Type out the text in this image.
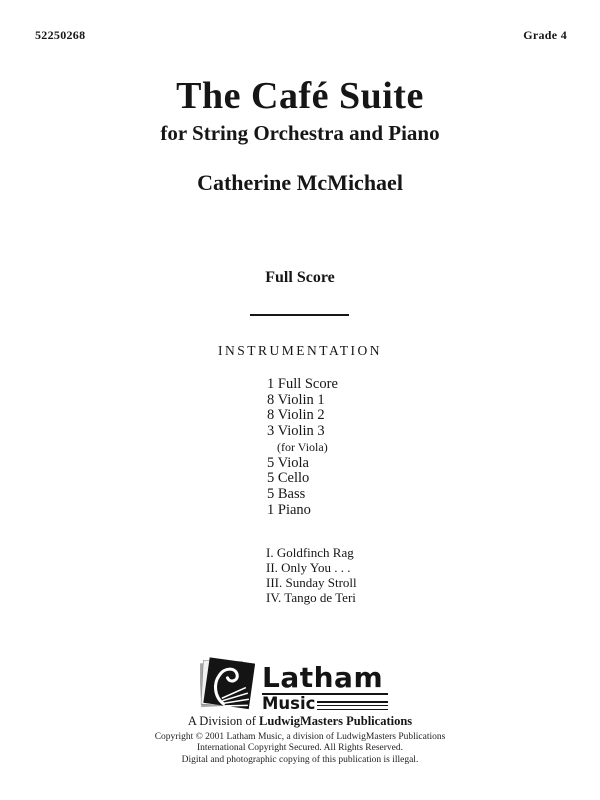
52250268	Grade 4
The Café Suite
for String Orchestra and Piano
Catherine McMichael
Full Score
INSTRUMENTATION
1 Full Score
8 Violin 1
8 Violin 2
3 Violin 3
(for Viola)
5 Viola
5 Cello
5 Bass
1 Piano
I. Goldfinch Rag
II. Only You . . .
III. Sunday Stroll
IV. Tango de Teri
Latham
Music
A Division of LudwigMasters Publications
Copyright © 2001 Latham Music, a division of LudwigMasters Publications
International Copyright Secured. All Rights Reserved.
Digital and photographic copying of this publication is illegal.
